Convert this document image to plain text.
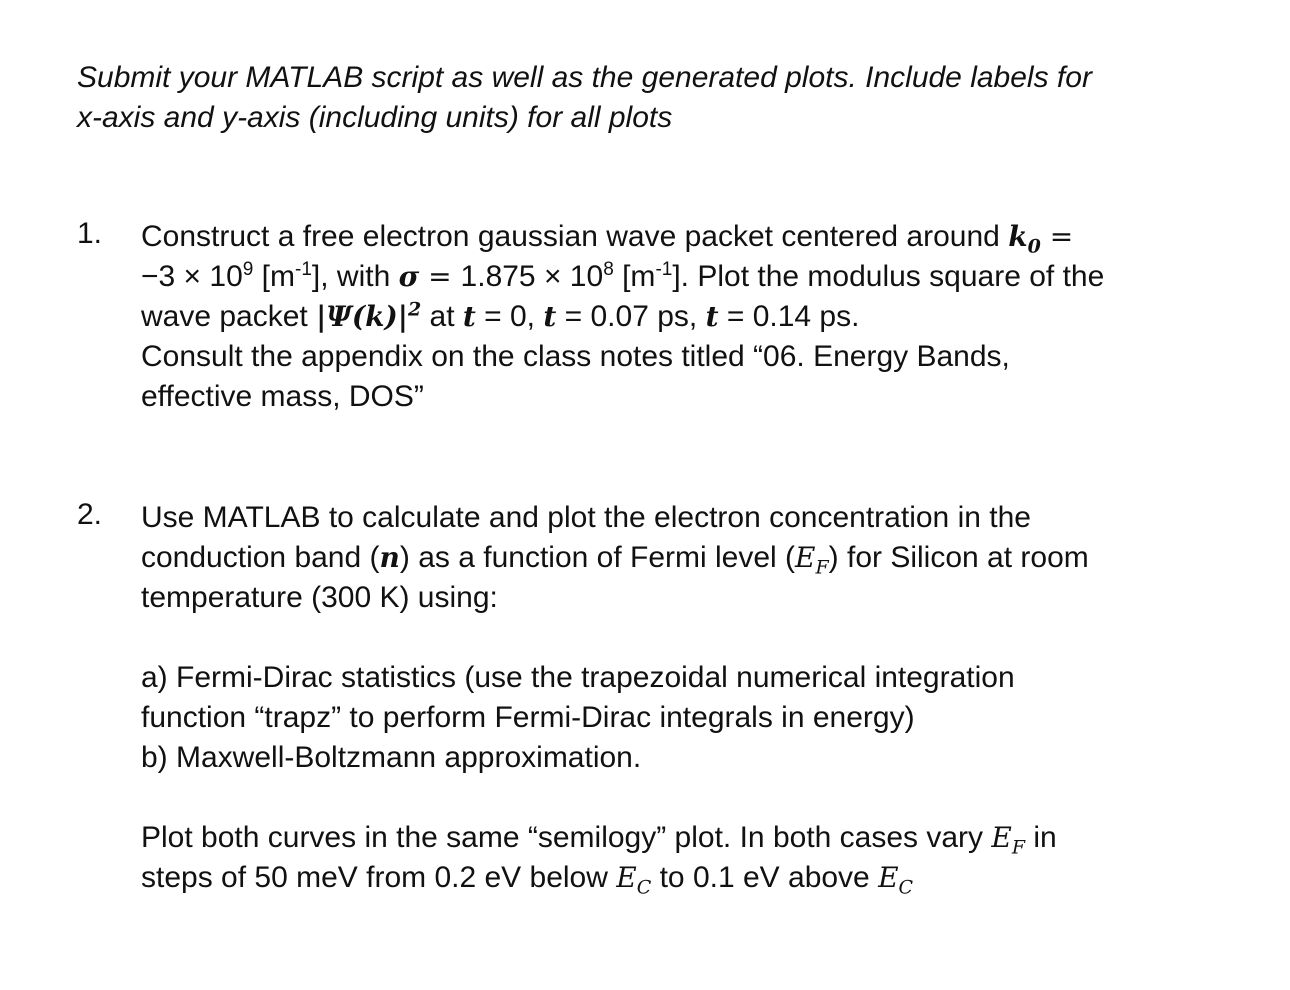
Submit your MATLAB script as well as the generated plots. Include labels for
x-axis and y-axis (including units) for all plots
1. Construct a free electron gaussian wave packet centered around $k_0$ =
$-3 \times 10^9$ $[m^{-1}]$, with $\sigma = 1.875 \times 10^8$ $[m^{-1}]$. Plot the modulus square of the
wave packet $|\Psi(k)|^2$ at t = 0, t = 0.07 ps, t = 0.14 ps.
Consult the appendix on the class notes titled “06. Energy Bands,
effective mass, DOS”
2. Use MATLAB to calculate and plot the electron concentration in the
conduction band (n) as a function of Fermi level $(E_F)$ for Silicon at room
temperature (300 K) using:
a) Fermi-Dirac statistics (use the trapezoidal numerical integration
function “trapz” to perform Fermi-Dirac integrals in energy)
b) Maxwell-Boltzmann approximation.
Plot both curves in the same “semilogy” plot. In both cases vary $E_F$ in
steps of 50 meV from 0.2 eV below $E_C$ to 0.1 eV above $E_C$
